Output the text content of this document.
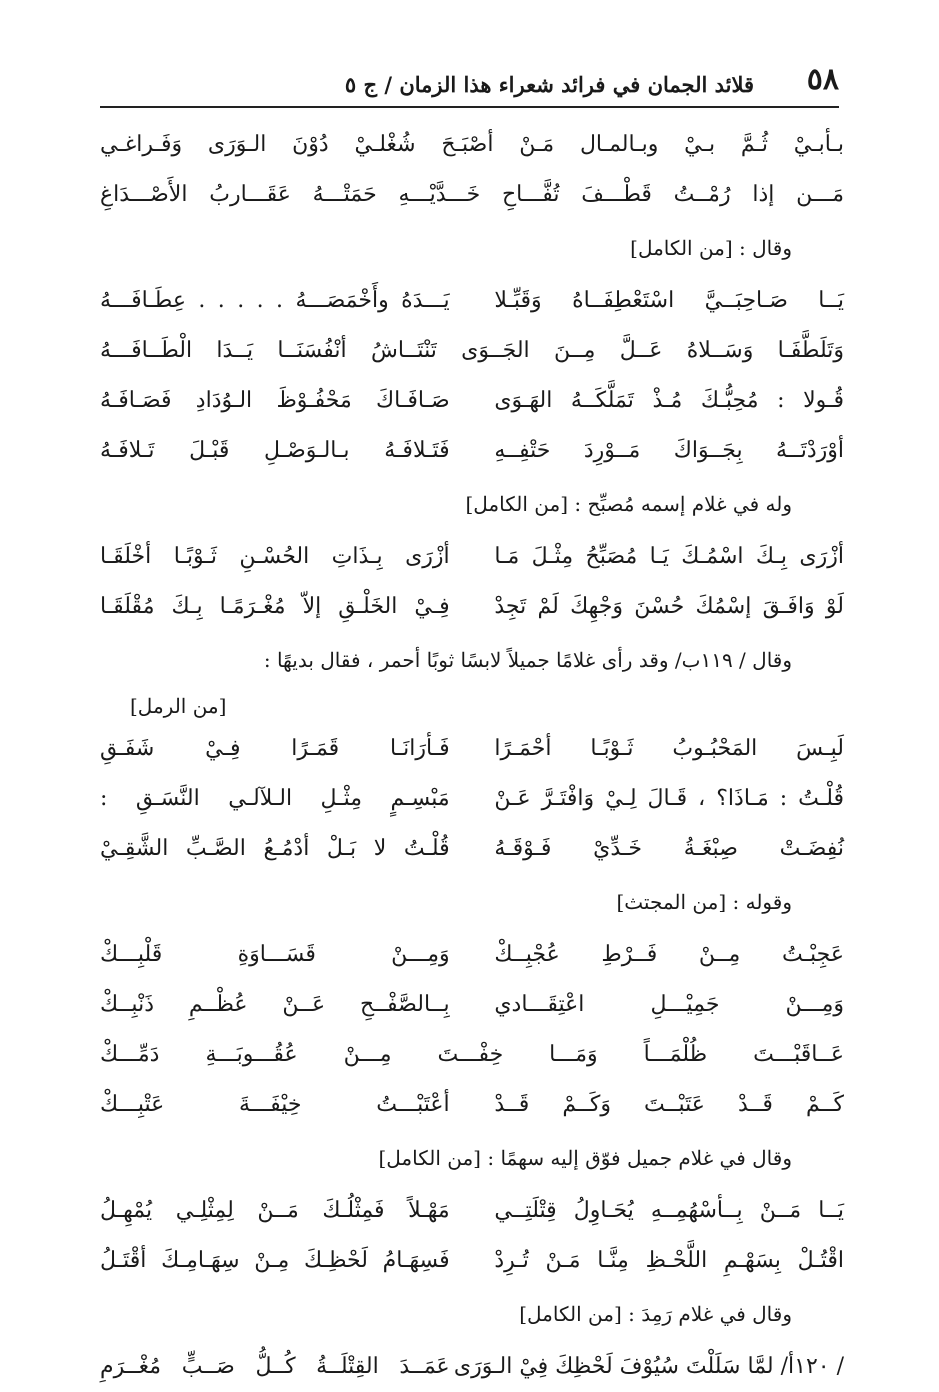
٥٨
قلائد الجمان في فرائد شعراء هذا الزمان / ج ٥
بـأبـيْ ثُـمَّ بـيْ وبـالمـال مَـنْ أصْبَـحَ شُغْلـيْ دُوْنَ الـوَرَى وَفَـراغـي
مَـــن إذا رُمْــتُ قَطْـــفَ تُفَّـــاحِ خَـــدَّيْـــهِ حَمَتْـــهُ عَقَـــاربُ الأَصْـــدَاغِ
وقال : [من الكامل]
يَــا صَـاحِبَــيَّ اسْتَعْطِفَــاهُ وَقَبِّـلا
يَـــدَهُ وأَخْمَصَـــهُ . . . . . عِطَـافَـــهُ
وَتَلَطَّفَـا وَسَــلاهُ عَــلَّ مِــنَ الجَــوَى تَنْتَــاشُ أنْفُسَنَــا يَــدَا الْطَــافَـــهُ
قُـولا : مُحِبُّـكَ مُـذْ تَمَلَّكَــهُ الهَـوَى
صَـافَـاكَ مَحْفُـوْظَ الـوُدَادِ فَصَـافَـهُ
أوْرَدْتَــهُ بِجَــوَاكَ مَــوْرِدَ حَتْفِــهِ
فَتَـلافَـهُ بـالـوَصْـلِ قَبْـلَ تَـلافَـهُ
وله في غلام إسمه مُصبِّح : [من الكامل]
أزْرَى بِـكَ اسْمُـكَ يَـا مُصَبِّحُ مِثْـلَ مَـا
أزْرَى بِـذَاتِ الحُسْـنِ ثَـوْبًـا أخْلَقَـا
لَوْ وَافَـقَ إسْمُكَ حُسْنَ وَجْهِكَ لَمْ تَجِدْ
فِـيْ الخَلْـقِ إلاّ مُغْـرَمًـا بِـكَ مُقْلَقَـا
وقال / ١١٩ب/ وقد رأى غلامًا جميلاً لابسًا ثوبًا أحمر ، فقال بديهًا :
[من الرمل]
لَبِـسَ المَحْبُـوبُ ثَـوْبًـا أحْمَـرًا
فَـأرَانَـا قَمَـرًا فِـيْ شَفَـقِ
قُلْـتُ : مَـاذَا؟ ، قَـالَ لِـيْ وَافْتَـرَّ عَـنْ
مَبْسِـمٍ مِثْـلِ الـلآلـي النَّسَـقِ :
نُفِضَـتْ صِبْغَـةُ خَـدِّيْ فَـوْقَـهُ
قُلْـتُ لا بَـلْ أدْمُـعُ الصَّـبِّ الشَّقِـيْ
وقوله : [من المجتث]
عَجِبْـتُ مِــنْ فَــرْطِ عُجْبِــكْ
وَمِـــنْ قَسَـــاوَةِ قَلْبِـــكْ
وَمِـــنْ جَمِيْـــلِ اعْتِقَـــادي
بِــالصَّفْــحِ عَــنْ عُظْــمِ ذَنْبِــكْ
عَــاقَبْـــتَ ظُلْمَـــاً وَمَـــا خِفْـــتَ مِـــنْ عُقُـــوبَـــةِ دَمِّـــكْ
كَــمْ قَــدْ عَتَبْــتَ وَكَــمْ قَــدْ
أعْتَبْـــتُ خِيْفَـــةَ عَتْبِـــكْ
وقال في غلام جميل فوّق إليه سهمًا : [من الكامل]
يَــا مَــنْ بِــأسْهُمِــهِ يُحَـاوِلُ قِتْلَتِــي
مَهْـلاً فَمِثْلُـكَ مَــنْ لِمِثْلِـي يُمْهِـلُ
اقْتُـلْ بِسَهْـمِ اللَّحْـظِ مِنَّـا مَـنْ تُـرِدْ
فَسِهَـامُ لَحْظِـكَ مِـنْ سِهَـامِـكَ أقْتَـلُ
وقال في غلام رَمِدَ : [من الكامل]
/ ١٢٠أ/ لمَّا سَلَلْتَ سُيُوْفَ لَحْظِكَ فِيْ الـوَرَى
عَمَــدَ القِتْلَــةُ كُــلُّ صَــبٍّ مُغْــرَمِ
